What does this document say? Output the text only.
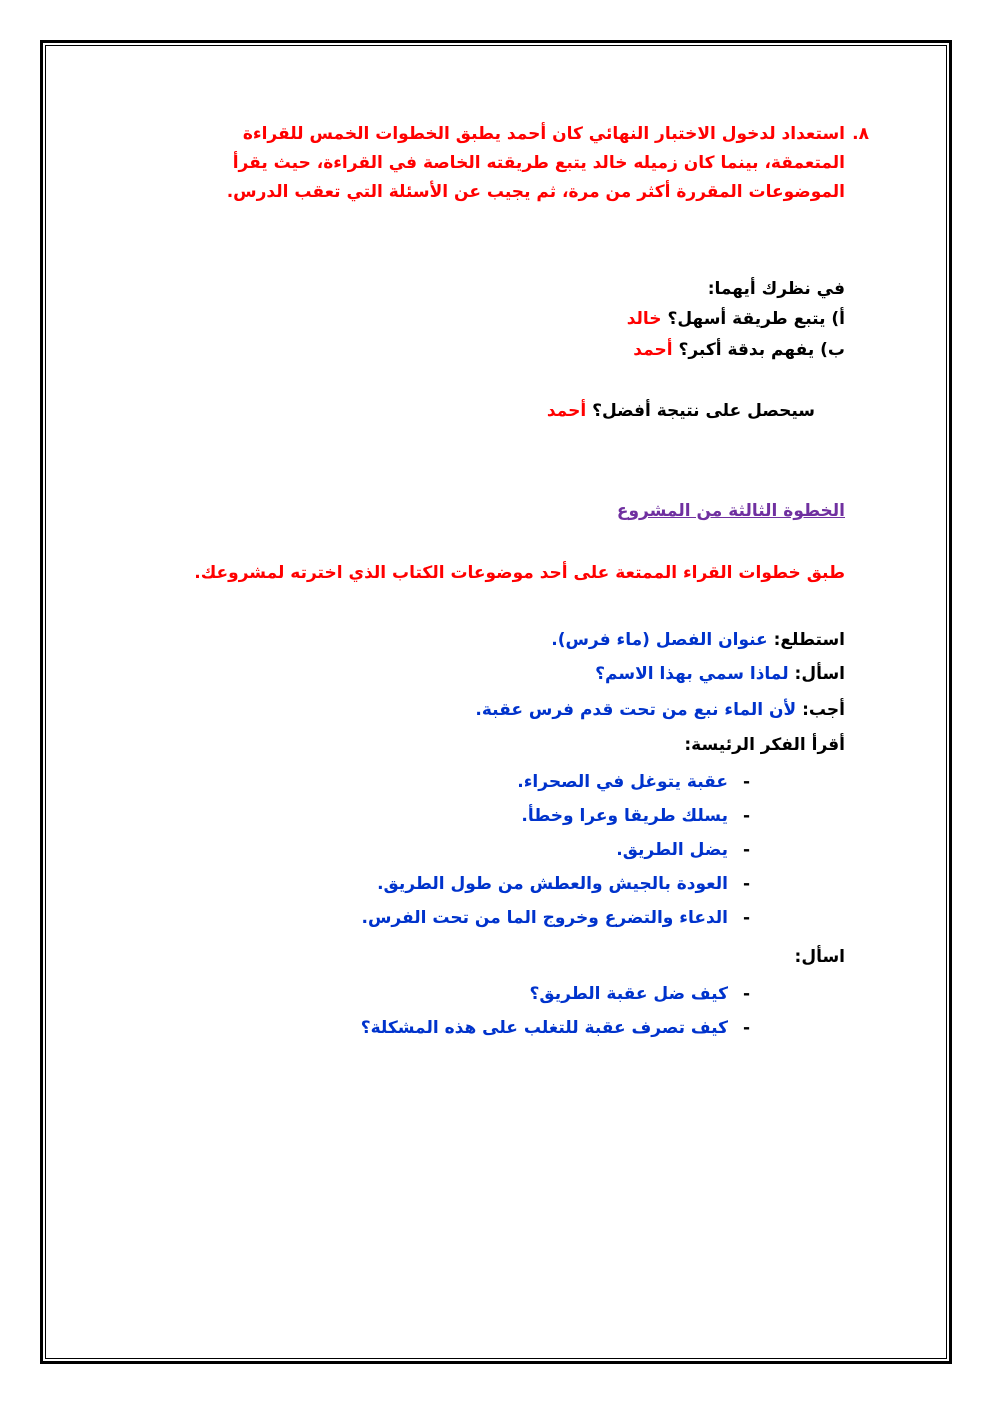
٨.
استعداد لدخول الاختبار النهائي كان أحمد يطبق الخطوات الخمس للقراءة
المتعمقة، بينما كان زميله خالد يتبع طريقته الخاصة في القراءة، حيث يقرأ
الموضوعات المقررة أكثر من مرة، ثم يجيب عن الأسئلة التي تعقب الدرس.
في نظرك أيهما:
أ) يتبع طريقة أسهل؟ خالد
ب) يفهم بدقة أكبر؟ أحمد
سيحصل على نتيجة أفضل؟ أحمد
الخطوة الثالثة من المشروع
طبق خطوات القراء الممتعة على أحد موضوعات الكتاب الذي اخترته لمشروعك.
استطلع: عنوان الفصل (ماء فرس).
اسأل: لماذا سمي بهذا الاسم؟
أجب: لأن الماء نبع من تحت قدم فرس عقبة.
أقرأ الفكر الرئيسة:
-
عقبة يتوغل في الصحراء.
-
يسلك طريقا وعرا وخطأ.
-
يضل الطريق.
-
العودة بالجيش والعطش من طول الطريق.
-
الدعاء والتضرع وخروج الما من تحت الفرس.
اسأل:
-
كيف ضل عقبة الطريق؟
-
كيف تصرف عقبة للتغلب على هذه المشكلة؟
